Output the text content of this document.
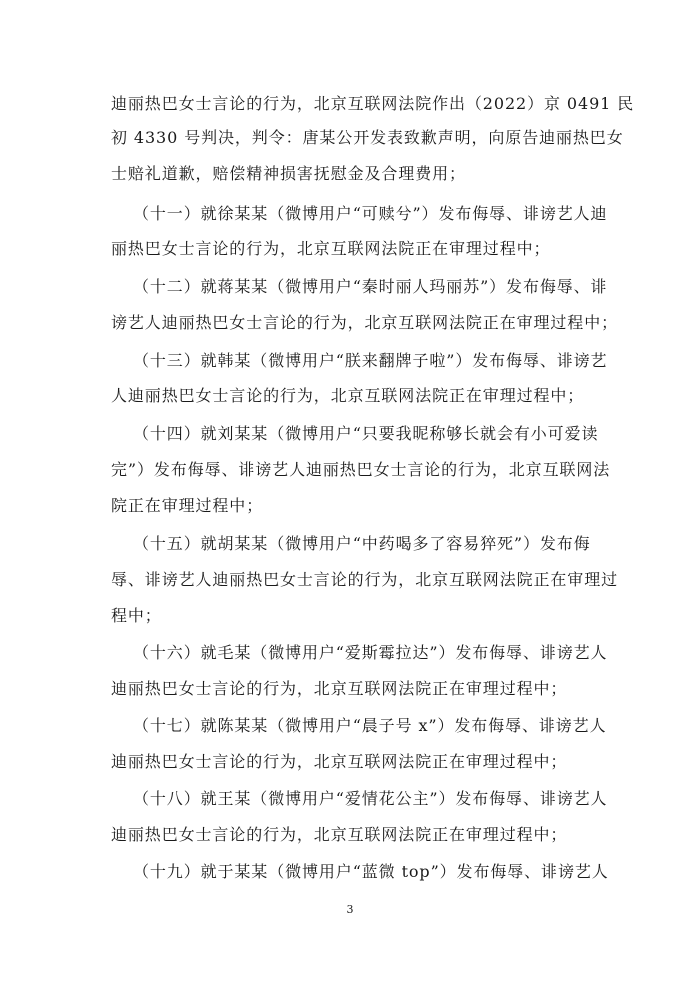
迪丽热巴女士言论的行为，北京互联网法院作出（2022）京 0491 民
初 4330 号判决，判令：唐某公开发表致歉声明，向原告迪丽热巴女
士赔礼道歉，赔偿精神损害抚慰金及合理费用；
（十一）就徐某某（微博用户“可赎兮”）发布侮辱、诽谤艺人迪
丽热巴女士言论的行为，北京互联网法院正在审理过程中；
（十二）就蒋某某（微博用户“秦时丽人玛丽苏”）发布侮辱、诽
谤艺人迪丽热巴女士言论的行为，北京互联网法院正在审理过程中；
（十三）就韩某（微博用户“朕来翻牌子啦”）发布侮辱、诽谤艺
人迪丽热巴女士言论的行为，北京互联网法院正在审理过程中；
（十四）就刘某某（微博用户“只要我昵称够长就会有小可爱读
完”）发布侮辱、诽谤艺人迪丽热巴女士言论的行为，北京互联网法
院正在审理过程中；
（十五）就胡某某（微博用户“中药喝多了容易猝死”）发布侮
辱、诽谤艺人迪丽热巴女士言论的行为，北京互联网法院正在审理过
程中；
（十六）就毛某（微博用户“爱斯霉拉达”）发布侮辱、诽谤艺人
迪丽热巴女士言论的行为，北京互联网法院正在审理过程中；
（十七）就陈某某（微博用户“晨子号 x”）发布侮辱、诽谤艺人
迪丽热巴女士言论的行为，北京互联网法院正在审理过程中；
（十八）就王某（微博用户“爱情花公主”）发布侮辱、诽谤艺人
迪丽热巴女士言论的行为，北京互联网法院正在审理过程中；
（十九）就于某某（微博用户“蓝微 top”）发布侮辱、诽谤艺人
3
